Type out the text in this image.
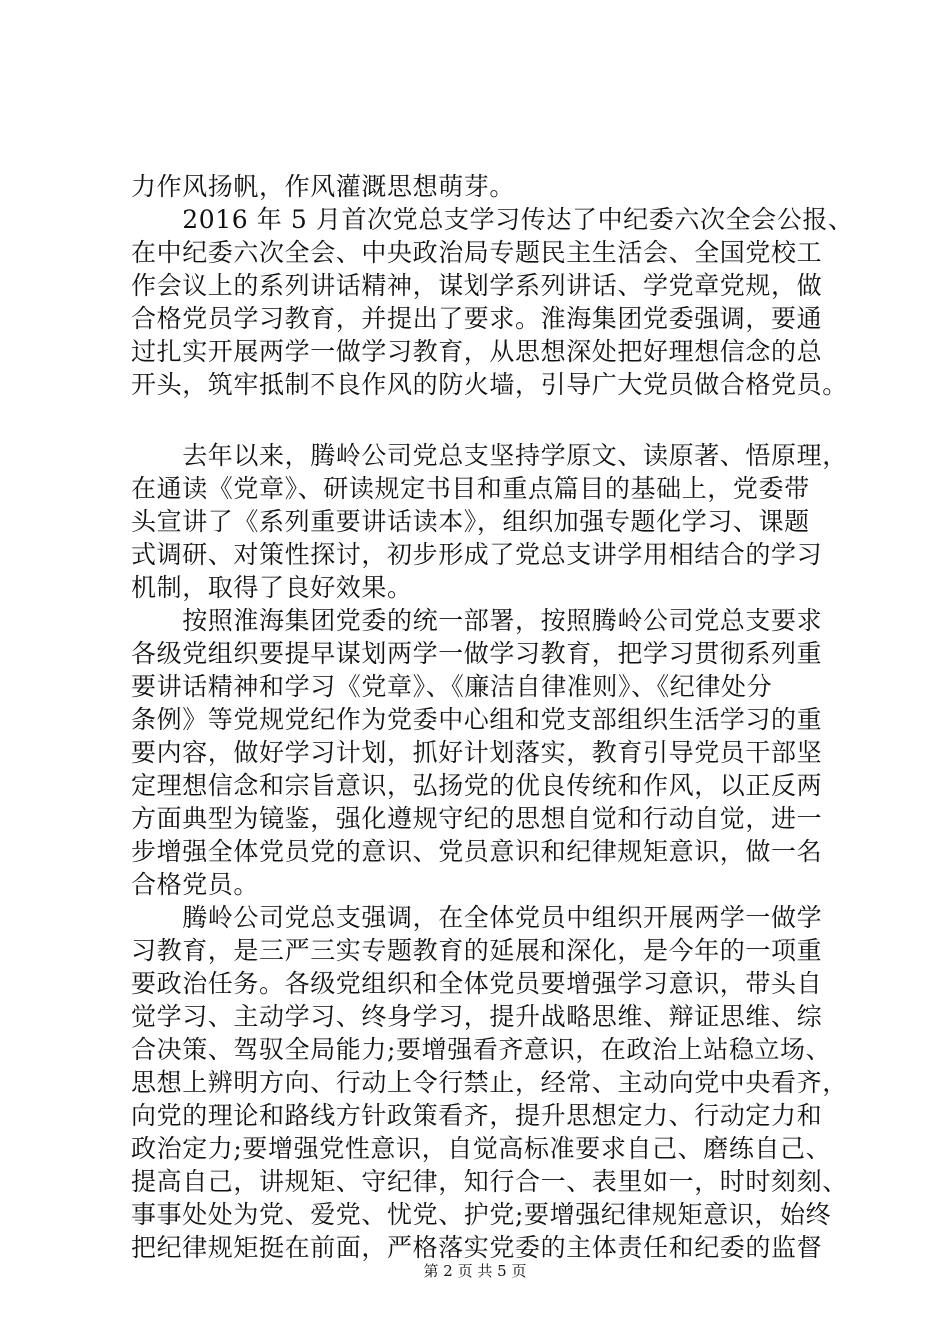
力作风扬帆，作风灌溉思想萌芽。
　　2016 年 5 月首次党总支学习传达了中纪委六次全会公报、
在中纪委六次全会、中央政治局专题民主生活会、全国党校工
作会议上的系列讲话精神，谋划学系列讲话、学党章党规，做
合格党员学习教育，并提出了要求。淮海集团党委强调，要通
过扎实开展两学一做学习教育，从思想深处把好理想信念的总
开头，筑牢抵制不良作风的防火墙，引导广大党员做合格党员。
　　去年以来，腾岭公司党总支坚持学原文、读原著、悟原理，
在通读《党章》、研读规定书目和重点篇目的基础上，党委带
头宣讲了《系列重要讲话读本》，组织加强专题化学习、课题
式调研、对策性探讨，初步形成了党总支讲学用相结合的学习
机制，取得了良好效果。
　　按照淮海集团党委的统一部署，按照腾岭公司党总支要求
各级党组织要提早谋划两学一做学习教育，把学习贯彻系列重
要讲话精神和学习《党章》、《廉洁自律准则》、《纪律处分
条例》等党规党纪作为党委中心组和党支部组织生活学习的重
要内容，做好学习计划，抓好计划落实，教育引导党员干部坚
定理想信念和宗旨意识，弘扬党的优良传统和作风，以正反两
方面典型为镜鉴，强化遵规守纪的思想自觉和行动自觉，进一
步增强全体党员党的意识、党员意识和纪律规矩意识，做一名
合格党员。
　　腾岭公司党总支强调，在全体党员中组织开展两学一做学
习教育，是三严三实专题教育的延展和深化，是今年的一项重
要政治任务。各级党组织和全体党员要增强学习意识，带头自
觉学习、主动学习、终身学习，提升战略思维、辩证思维、综
合决策、驾驭全局能力;要增强看齐意识，在政治上站稳立场、
思想上辨明方向、行动上令行禁止，经常、主动向党中央看齐，
向党的理论和路线方针政策看齐，提升思想定力、行动定力和
政治定力;要增强党性意识，自觉高标准要求自己、磨练自己、
提高自己，讲规矩、守纪律，知行合一、表里如一，时时刻刻、
事事处处为党、爱党、忧党、护党;要增强纪律规矩意识，始终
把纪律规矩挺在前面，严格落实党委的主体责任和纪委的监督
第 2 页 共 5 页
